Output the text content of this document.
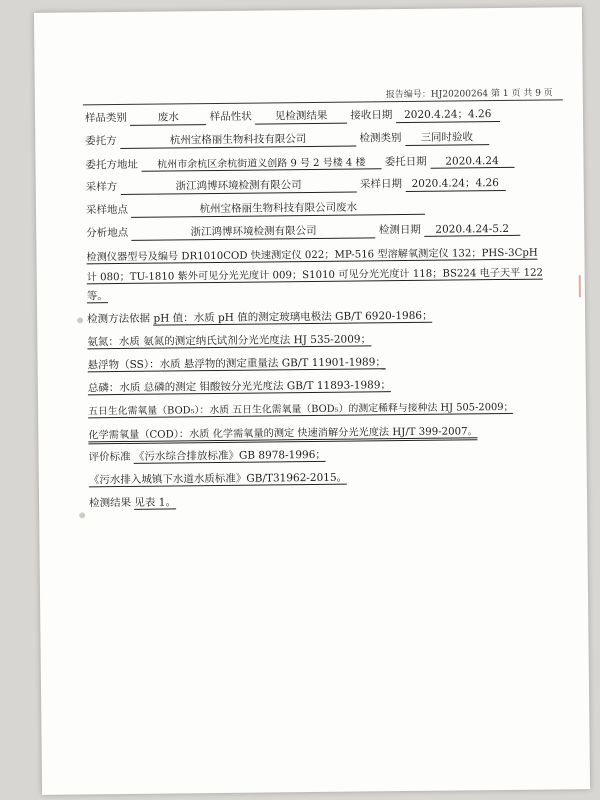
报告编号：HJ20200264 第 1 页 共 9 页
样品类别	废水	样品性状 见检测结果 接收日期 2020.4.24；4.26
委托方	杭州宝格丽生物科技有限公司	检测类别 三同时验收
委托方地址 杭州市余杭区余杭街道义创路 9 号 2 号楼 4 楼 委托日期 2020.4.24
采样方	浙江鸿博环境检测有限公司	采样日期 2020.4.24；4.26
采样地点	杭州宝格丽生物科技有限公司废水
分析地点	浙江鸿博环境检测有限公司	检测日期 2020.4.24-5.2
检测仪器型号及编号 DR1010COD 快速测定仪 022；MP-516 型溶解氧测定仪 132；PHS-3CpH
计 080；TU-1810 紫外可见分光光度计 009；S1010 可见分光光度计 118；BS224 电子天平 122
等。
检测方法依据 pH 值：水质 pH 值的测定玻璃电极法 GB/T 6920-1986；
氨氮：水质 氨氮的测定纳氏试剂分光光度法 HJ 535-2009；
悬浮物（SS）：水质 悬浮物的测定重量法 GB/T 11901-1989；
总磷：水质 总磷的测定 钼酸铵分光光度法 GB/T 11893-1989；
五日生化需氧量（BOD₅）：水质 五日生化需氧量（BOD₅）的测定稀释与接种法 HJ 505-2009；
化学需氧量（COD）：水质 化学需氧量的测定 快速消解分光光度法 HJ/T 399-2007。
评价标准 《污水综合排放标准》GB 8978-1996；
《污水排入城镇下水道水质标准》GB/T31962-2015。
检测结果 见表 1。
